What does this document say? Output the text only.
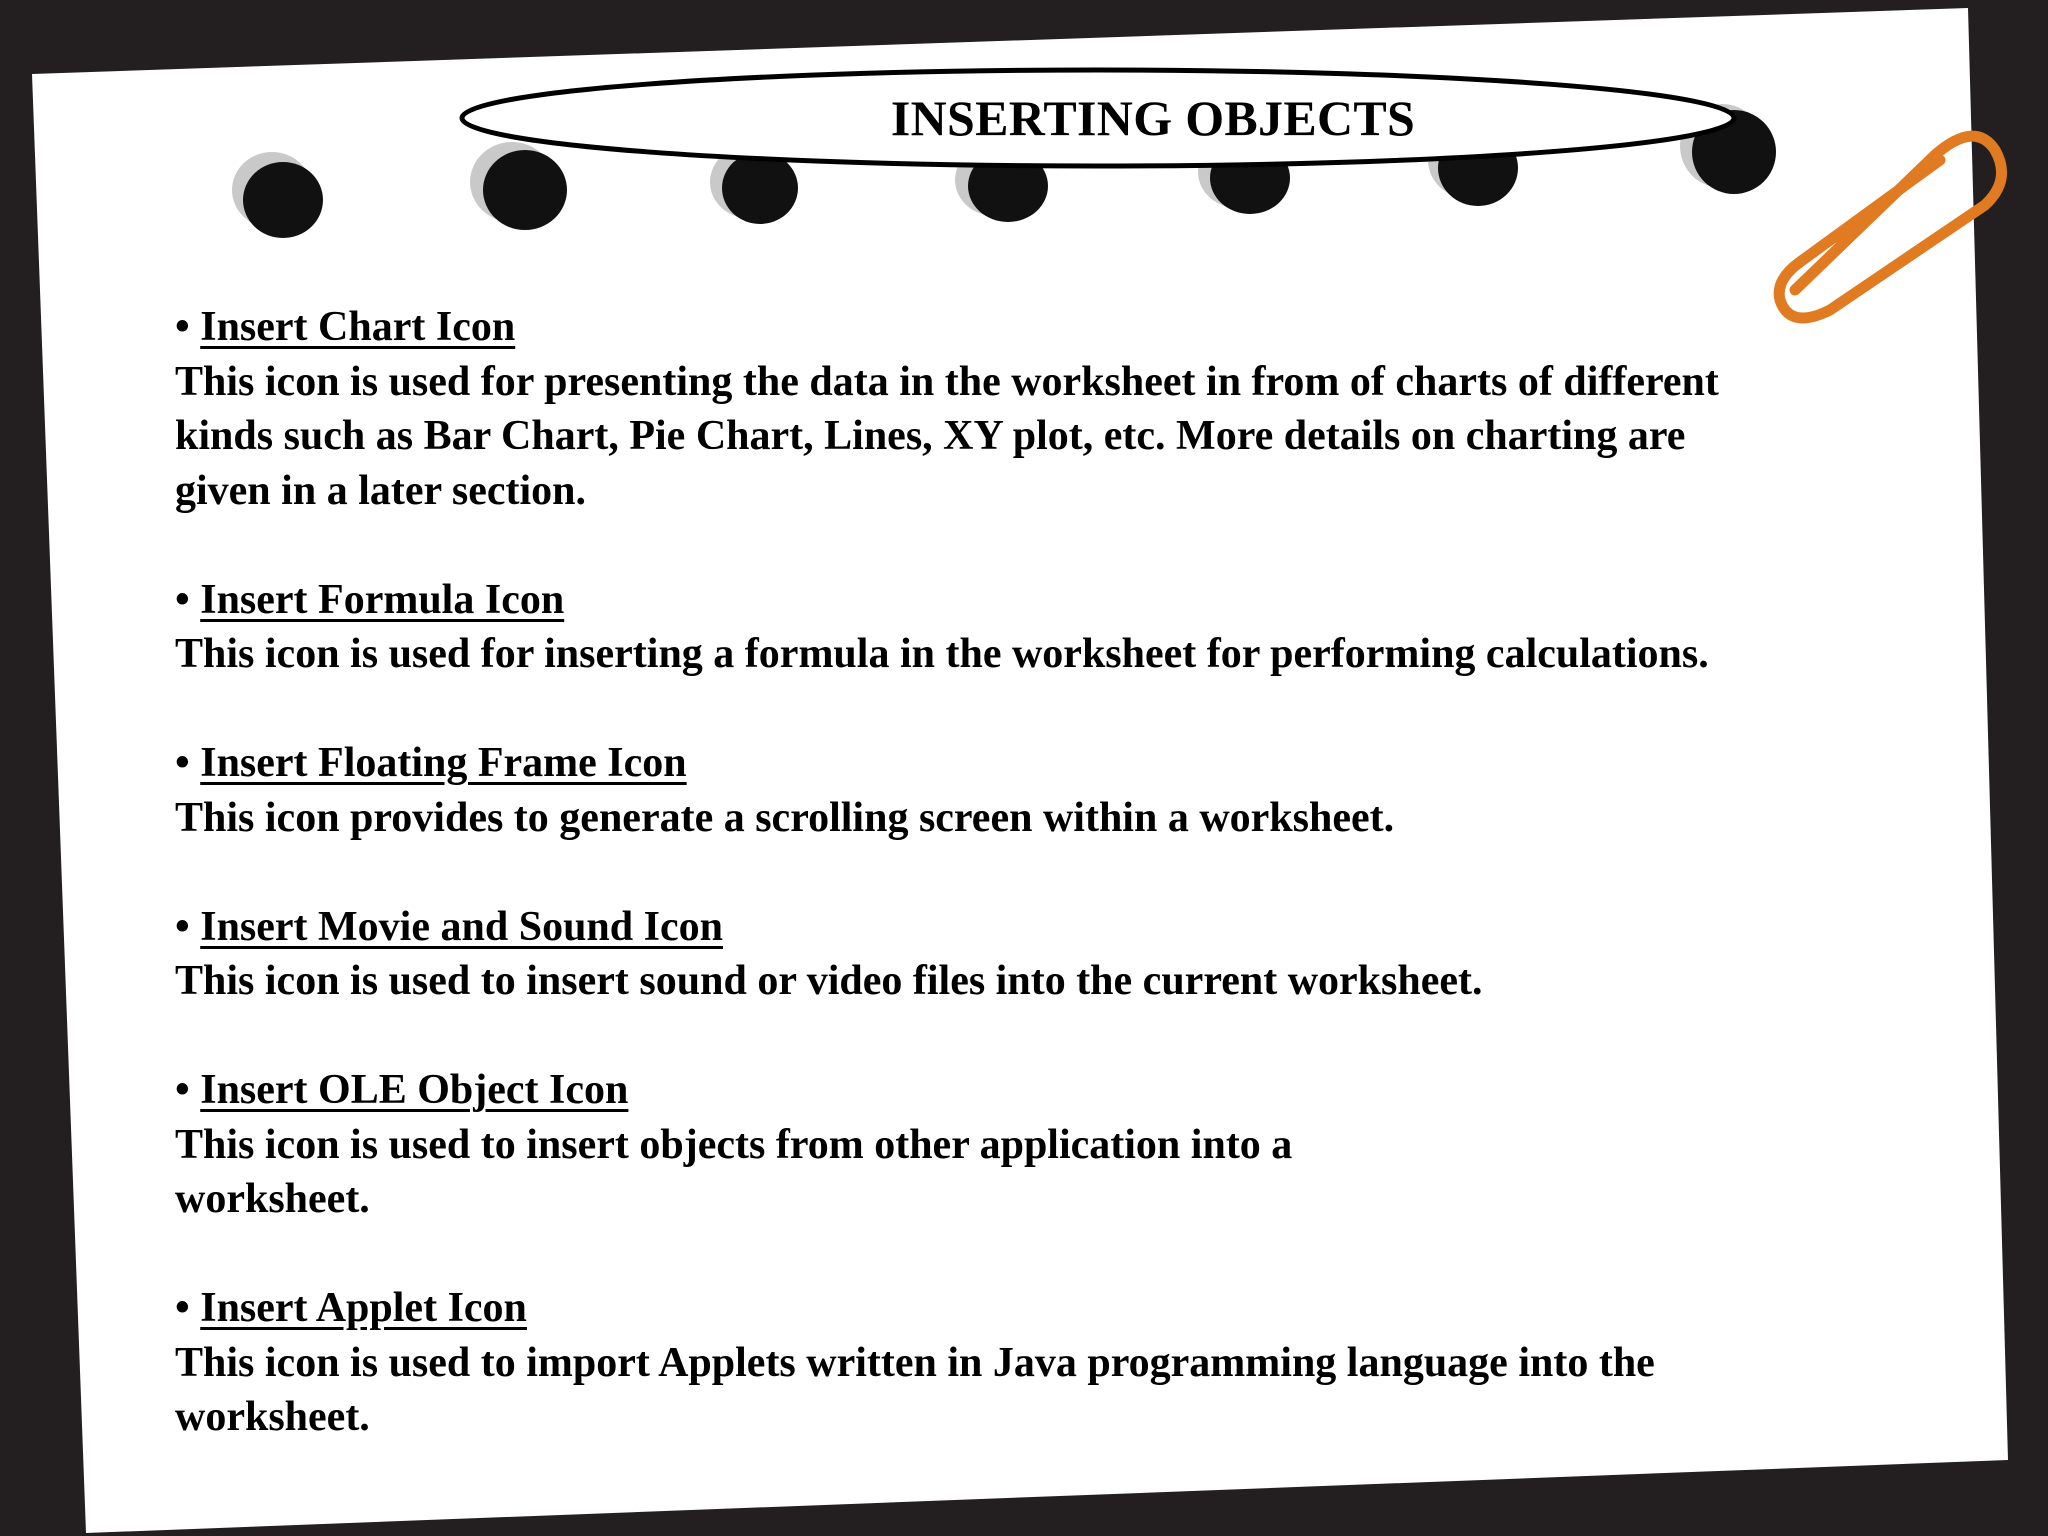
INSERTING OBJECTS
• Insert Chart Icon
This icon is used for presenting the data in the worksheet in from of charts of different
kinds such as Bar Chart, Pie Chart, Lines, XY plot, etc. More details on charting are
given in a later section.
• Insert Formula Icon
This icon is used for inserting a formula in the worksheet for performing calculations.
• Insert Floating Frame Icon
This icon provides to generate a scrolling screen within a worksheet.
• Insert Movie and Sound Icon
This icon is used to insert sound or video files into the current worksheet.
• Insert OLE Object Icon
This icon is used to insert objects from other application into a
worksheet.
• Insert Applet Icon
This icon is used to import Applets written in Java programming language into the
worksheet.
